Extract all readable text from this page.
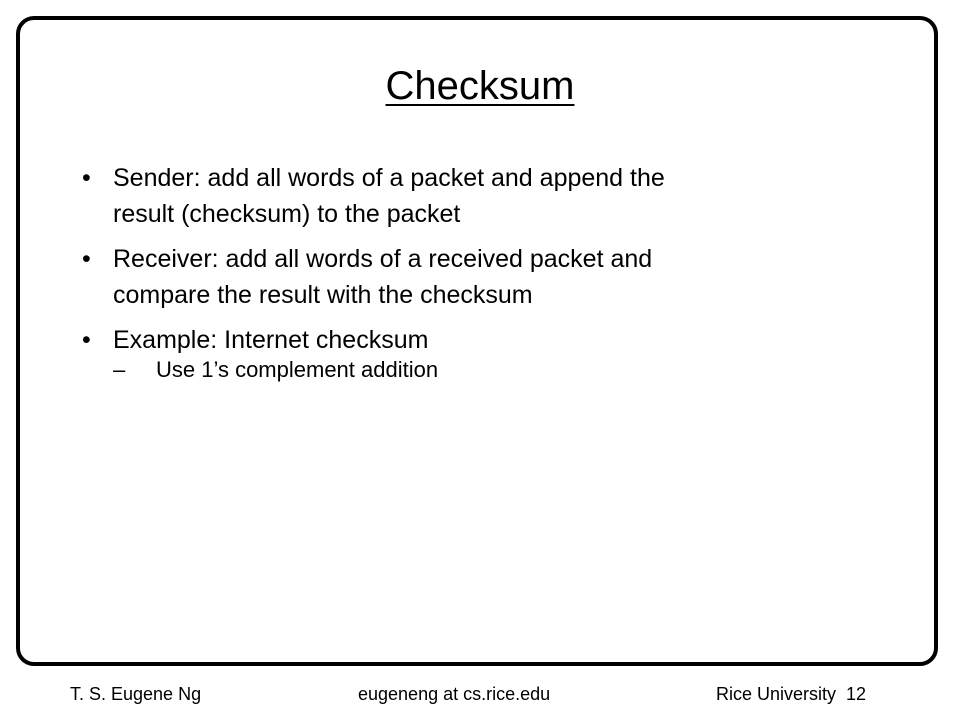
Checksum
• Sender: add all words of a packet and append the
result (checksum) to the packet
• Receiver: add all words of a received packet and
compare the result with the checksum
• Example: Internet checksum
– Use 1’s complement addition
T. S. Eugene Ng	eugeneng at cs.rice.edu	Rice University 12
